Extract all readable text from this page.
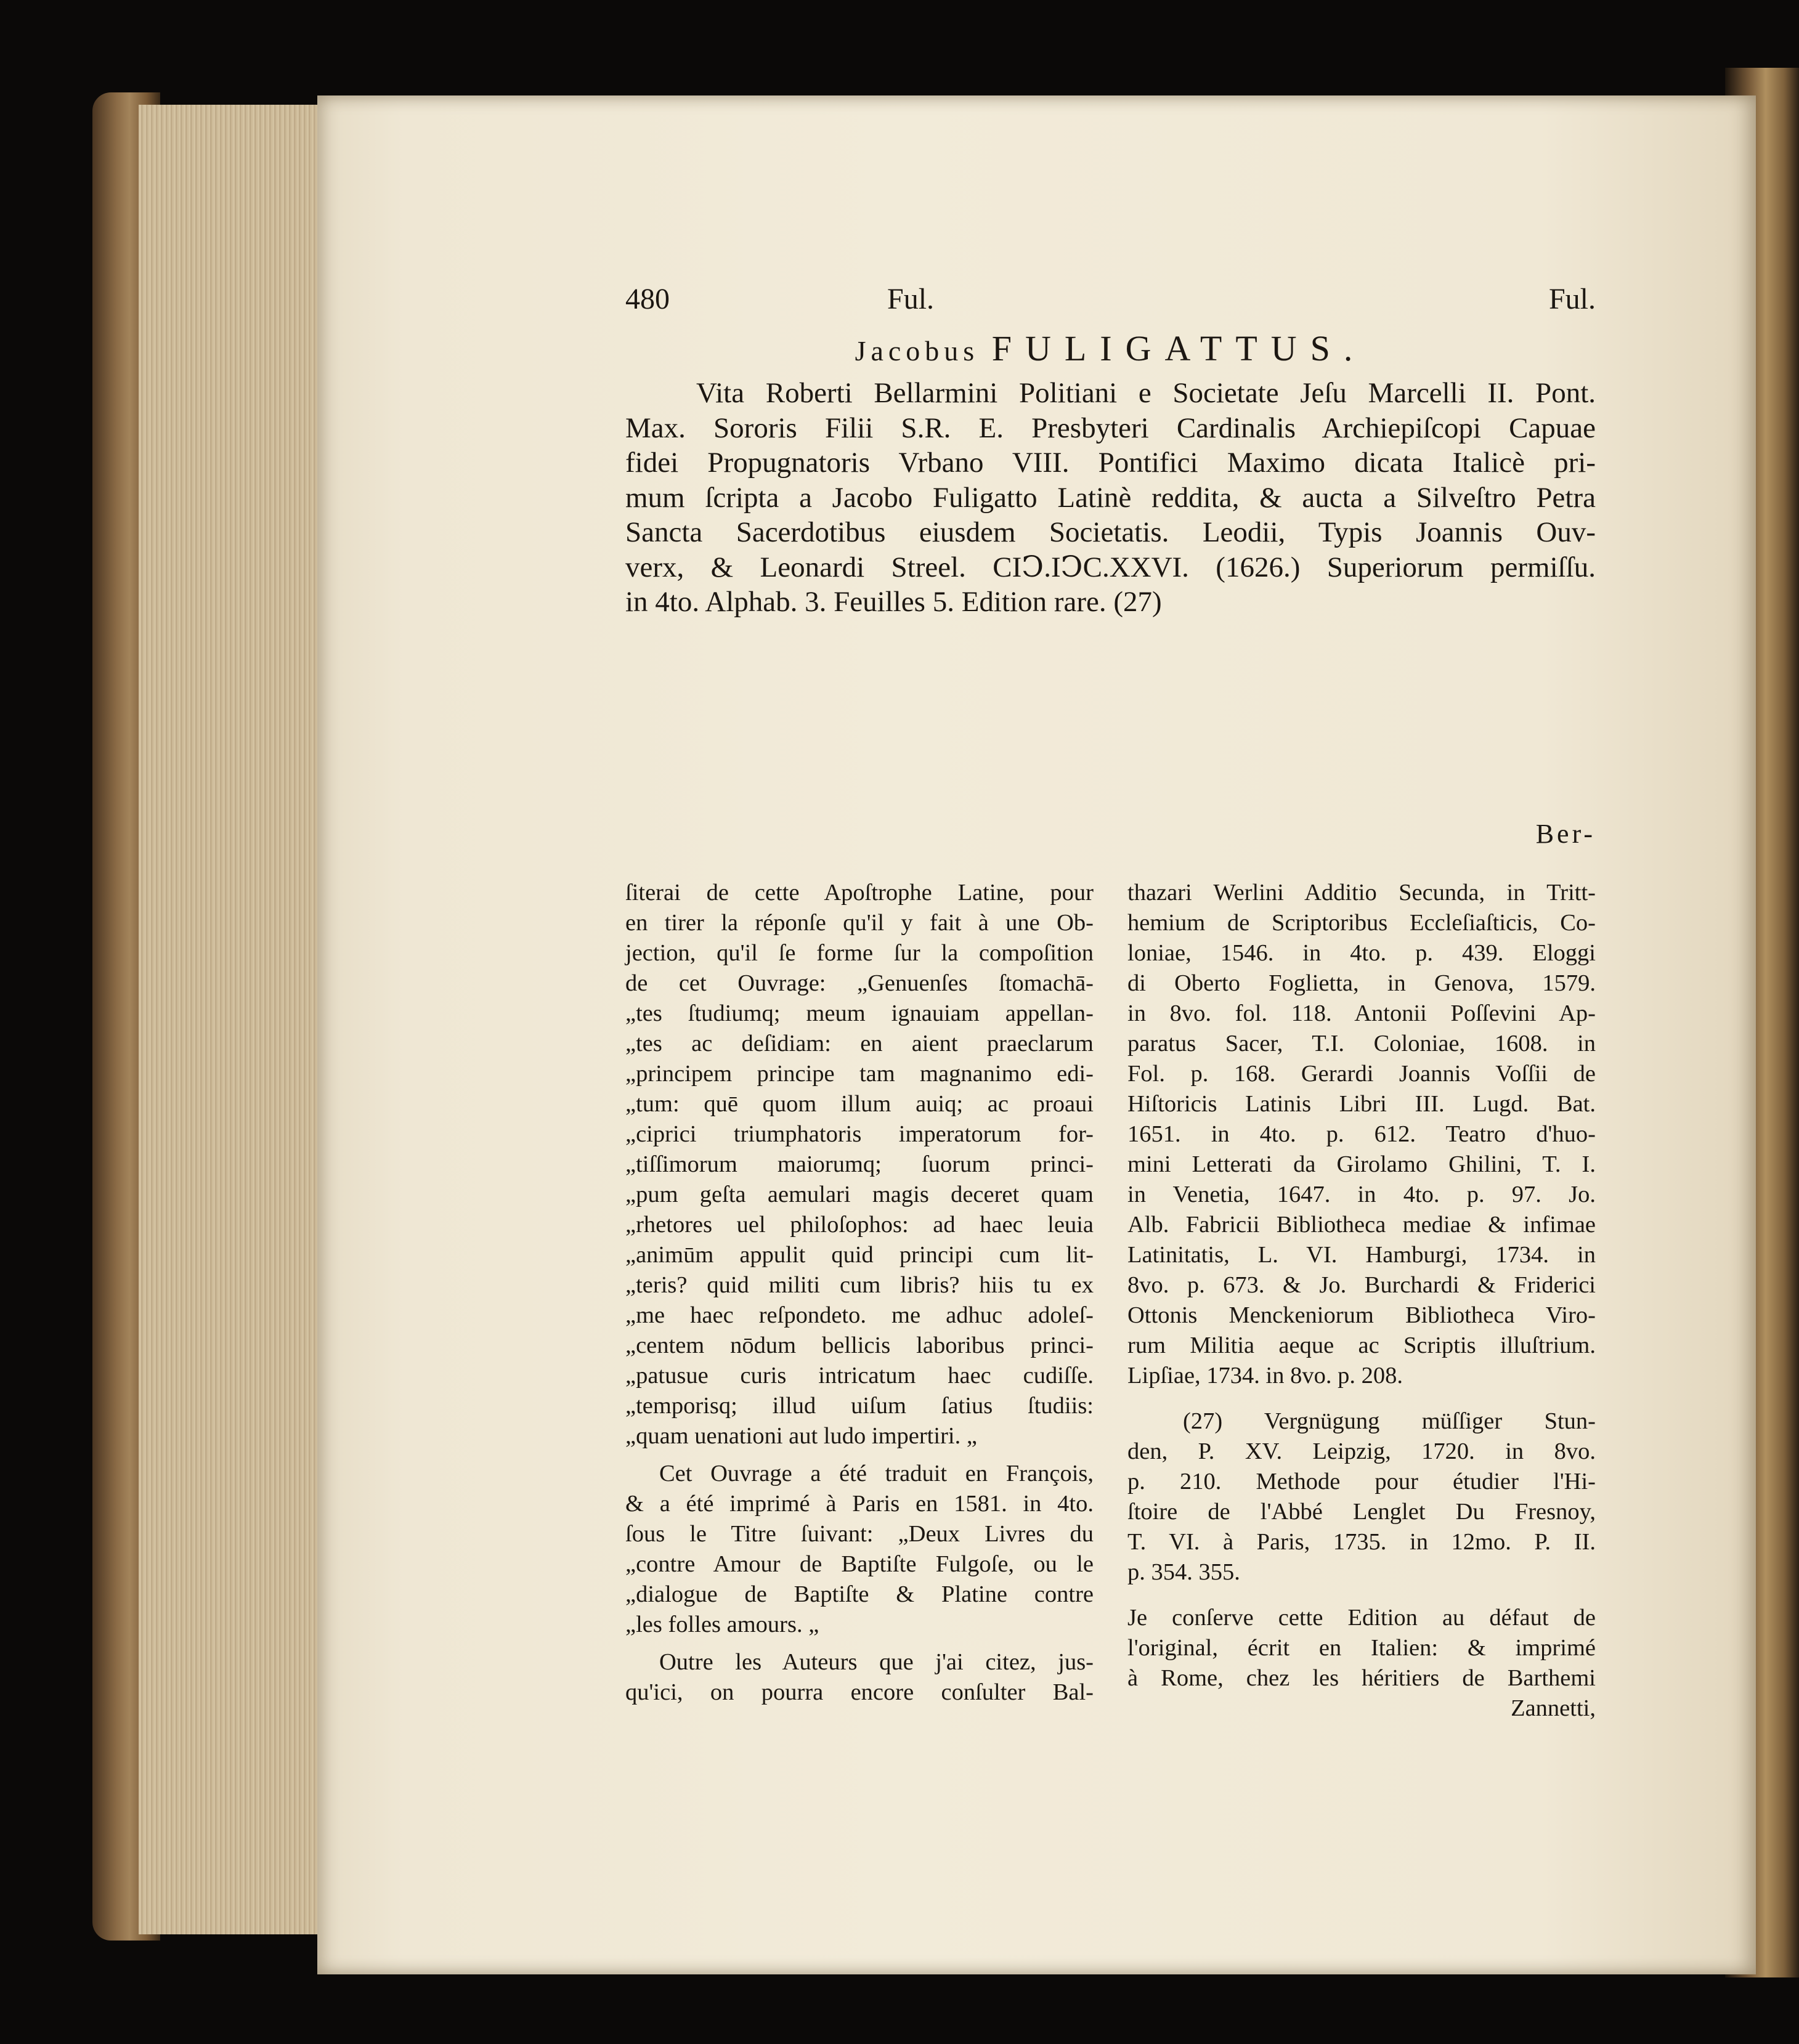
480	Ful.	Ful.
Jacobus FULIGATTUS.
Vita Roberti Bellarmini Politiani e Societate Jeſu Marcelli II. Pont.
Max. Sororis Filii S.R. E. Presbyteri Cardinalis Archiepiſcopi Capuae
fidei Propugnatoris Vrbano VIII. Pontifici Maximo dicata Italicè pri-
mum ſcripta a Jacobo Fuligatto Latinè reddita, & aucta a Silveſtro Petra
Sancta Sacerdotibus eiusdem Societatis. Leodii, Typis Joannis Ouv-
verx, & Leonardi Streel. CIↃ.IↃC.XXVI. (1626.) Superiorum permiſſu.
in 4to. Alphab. 3. Feuilles 5. Edition rare. (27)
Ber-
ſiterai de cette Apoſtrophe Latine, pour
en tirer la réponſe qu'il y fait à une Ob-
jection, qu'il ſe forme ſur la compoſition
de cet Ouvrage: „Genuenſes ſtomachā-
„tes ſtudiumq; meum ignauiam appellan-
„tes ac deſidiam: en aient praeclarum
„principem principe tam magnanimo edi-
„tum: quē quom illum auiq; ac proaui
„ciprici triumphatoris imperatorum for-
„tiſſimorum maiorumq; ſuorum princi-
„pum geſta aemulari magis deceret quam
„rhetores uel philoſophos: ad haec leuia
„animūm appulit quid principi cum lit-
„teris? quid militi cum libris? hiis tu ex
„me haec reſpondeto. me adhuc adoleſ-
„centem nōdum bellicis laboribus princi-
„patusue curis intricatum haec cudiſſe.
„temporisq; illud uiſum ſatius ſtudiis:
„quam uenationi aut ludo impertiri. „
Cet Ouvrage a été traduit en François,
& a été imprimé à Paris en 1581. in 4to.
ſous le Titre ſuivant: „Deux Livres du
„contre Amour de Baptiſte Fulgoſe, ou le
„dialogue de Baptiſte & Platine contre
„les folles amours. „
Outre les Auteurs que j'ai citez, jus-
qu'ici, on pourra encore conſulter Bal-
thazari Werlini Additio Secunda, in Tritt-
hemium de Scriptoribus Eccleſiaſticis, Co-
loniae, 1546. in 4to. p. 439. Eloggi
di Oberto Foglietta, in Genova, 1579.
in 8vo. fol. 118. Antonii Poſſevini Ap-
paratus Sacer, T.I. Coloniae, 1608. in
Fol. p. 168. Gerardi Joannis Voſſii de
Hiſtoricis Latinis Libri III. Lugd. Bat.
1651. in 4to. p. 612. Teatro d'huo-
mini Letterati da Girolamo Ghilini, T. I.
in Venetia, 1647. in 4to. p. 97. Jo.
Alb. Fabricii Bibliotheca mediae & infimae
Latinitatis, L. VI. Hamburgi, 1734. in
8vo. p. 673. & Jo. Burchardi & Friderici
Ottonis Menckeniorum Bibliotheca Viro-
rum Militia aeque ac Scriptis illuſtrium.
Lipſiae, 1734. in 8vo. p. 208.
(27) Vergnügung müſſiger Stun-
den, P. XV. Leipzig, 1720. in 8vo.
p. 210. Methode pour étudier l'Hi-
ſtoire de l'Abbé Lenglet Du Fresnoy,
T. VI. à Paris, 1735. in 12mo. P. II.
p. 354. 355.
Je conſerve cette Edition au défaut de
l'original, écrit en Italien: & imprimé
à Rome, chez les héritiers de Barthemi
Zannetti,
